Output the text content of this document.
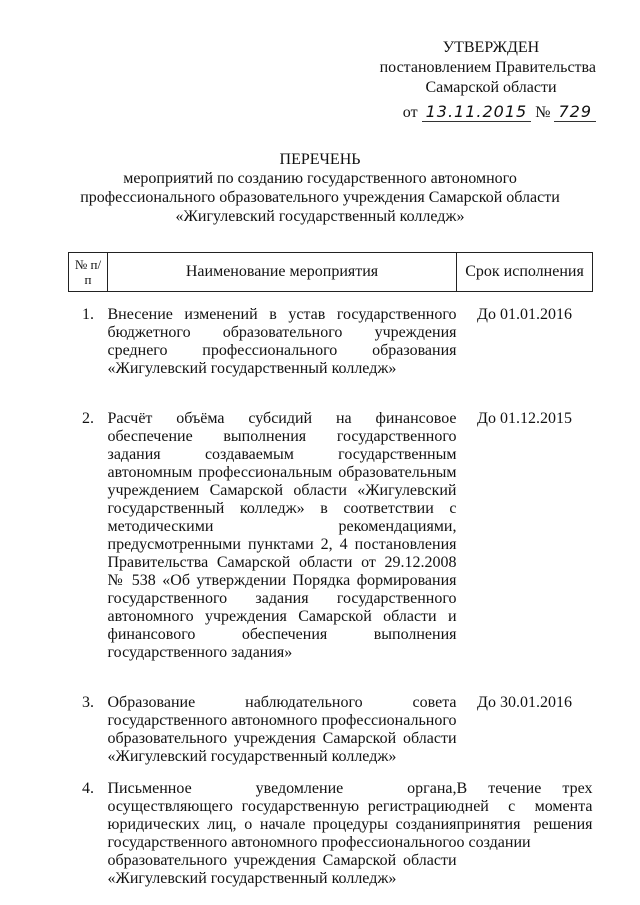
УТВЕРЖДЕН
постановлением Правительства
Самарской области
от 13.11.2015 № 729
ПЕРЕЧЕНЬ
мероприятий по созданию государственного автономного
профессионального образовательного учреждения Самарской области
«Жигулевский государственный колледж»
№ п/п	Наименование мероприятия	Срок исполнения

1.	Внесение изменений в устав государственного бюджетного образовательного учреждения среднего профессионального образования «Жигулевский государственный колледж»	До 01.01.2016

2.	Расчёт объёма субсидий на финансовое обеспечение выполнения государственного задания создаваемым государственным автономным профессиональным образовательным учреждением Самарской области «Жигулевский государственный колледж» в соответствии с методическими рекомендациями, предусмотренными пунктами 2, 4 постановления Правительства Самарской области от 29.12.2008 № 538 «Об утверждении Порядка формирования государственного задания государственного автономного учреждения Самарской области и финансового обеспечения выполнения государственного задания»	До 01.12.2015

3.	Образование наблюдательного совета государственного автономного профессионального образовательного учреждения Самарской области «Жигулевский государственный колледж»	До 30.01.2016

4.	Письменное уведомление органа, осуществляющего государственную регистрацию юридических лиц, о начале процедуры создания государственного автономного профессионального образовательного учреждения Самарской области «Жигулевский государственный колледж»	В течение трех дней с момента принятия решения о создании
